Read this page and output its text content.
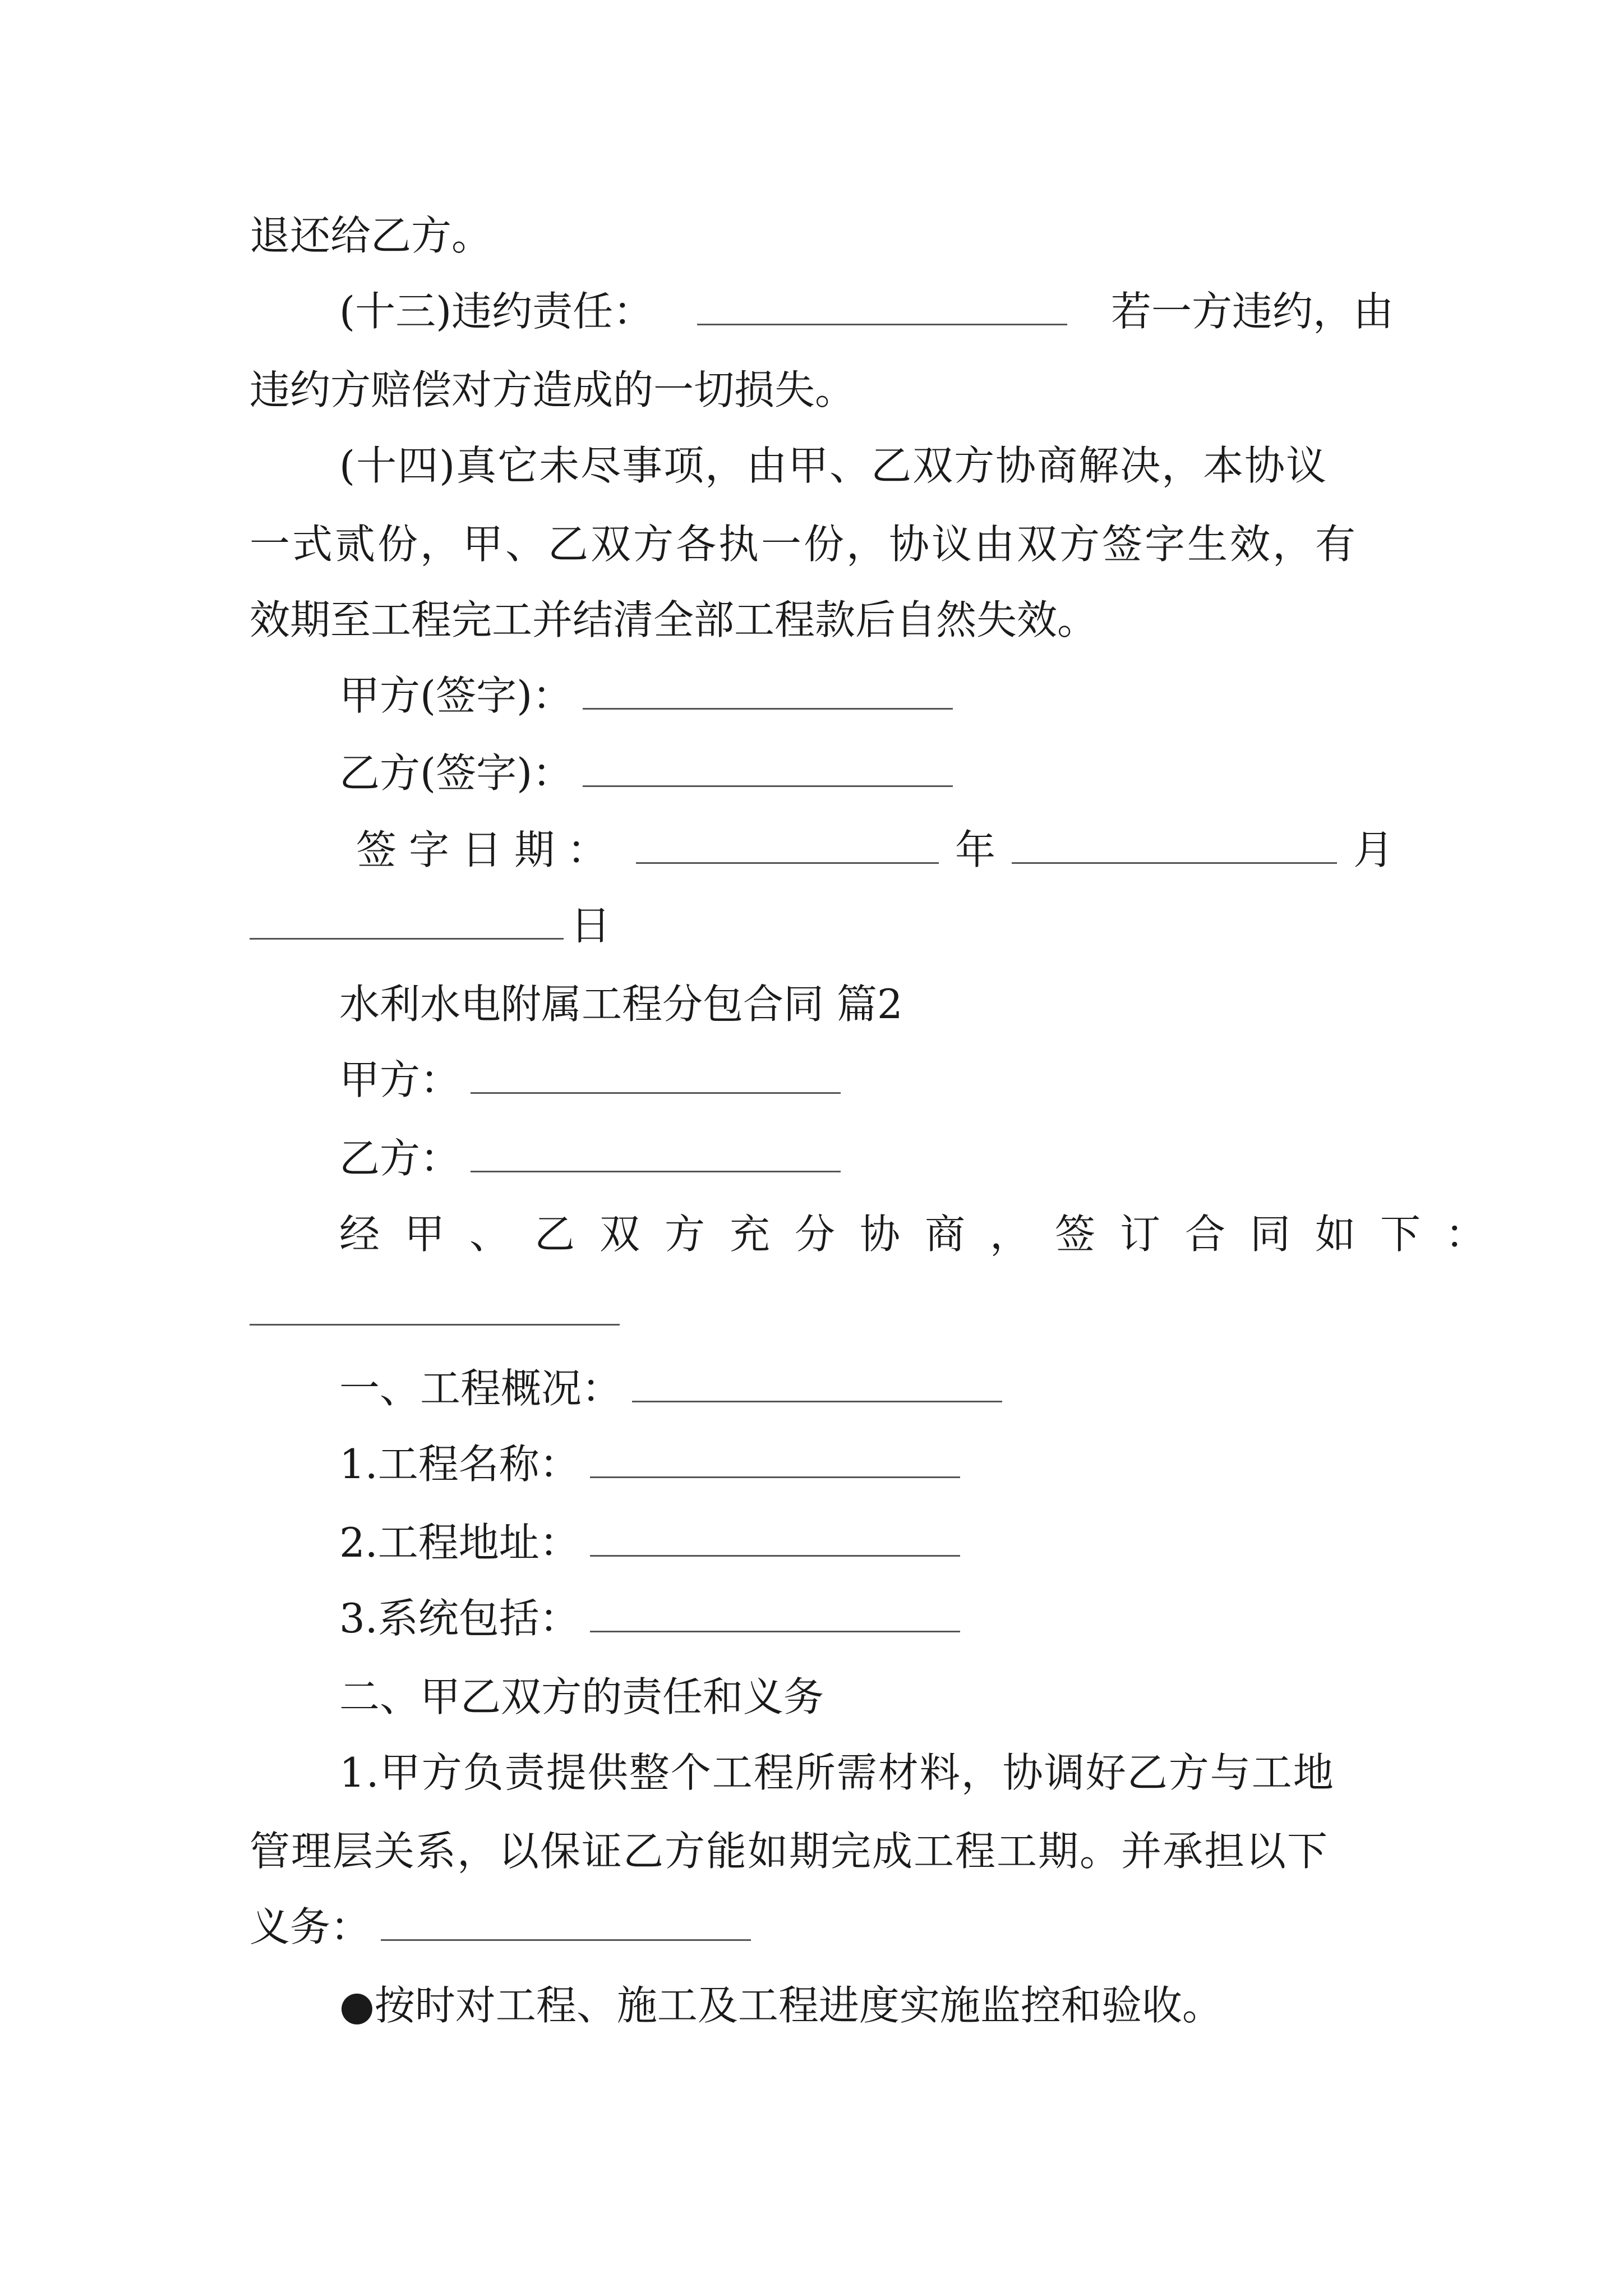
退还给乙方。
(十三)违约责任：	若一方违约，由
违约方赔偿对方造成的一切损失。
(十四)真它未尽事项，由甲、乙双方协商解决，本协议
一式贰份，甲、乙双方各执一份，协议由双方签字生效，有
效期至工程完工并结清全部工程款后自然失效。
甲方(签字)：
乙方(签字)：
签字日期：	年	月
日
水利水电附属工程分包合同 篇2
甲方：
乙方：
经甲、乙双方充分协商，签订合同如下：
一、工程概况：
1.工程名称：
2.工程地址：
3.系统包括：
二、甲乙双方的责任和义务
1.甲方负责提供整个工程所需材料，协调好乙方与工地
管理层关系，以保证乙方能如期完成工程工期。并承担以下
义务：
●按时对工程、施工及工程进度实施监控和验收。
